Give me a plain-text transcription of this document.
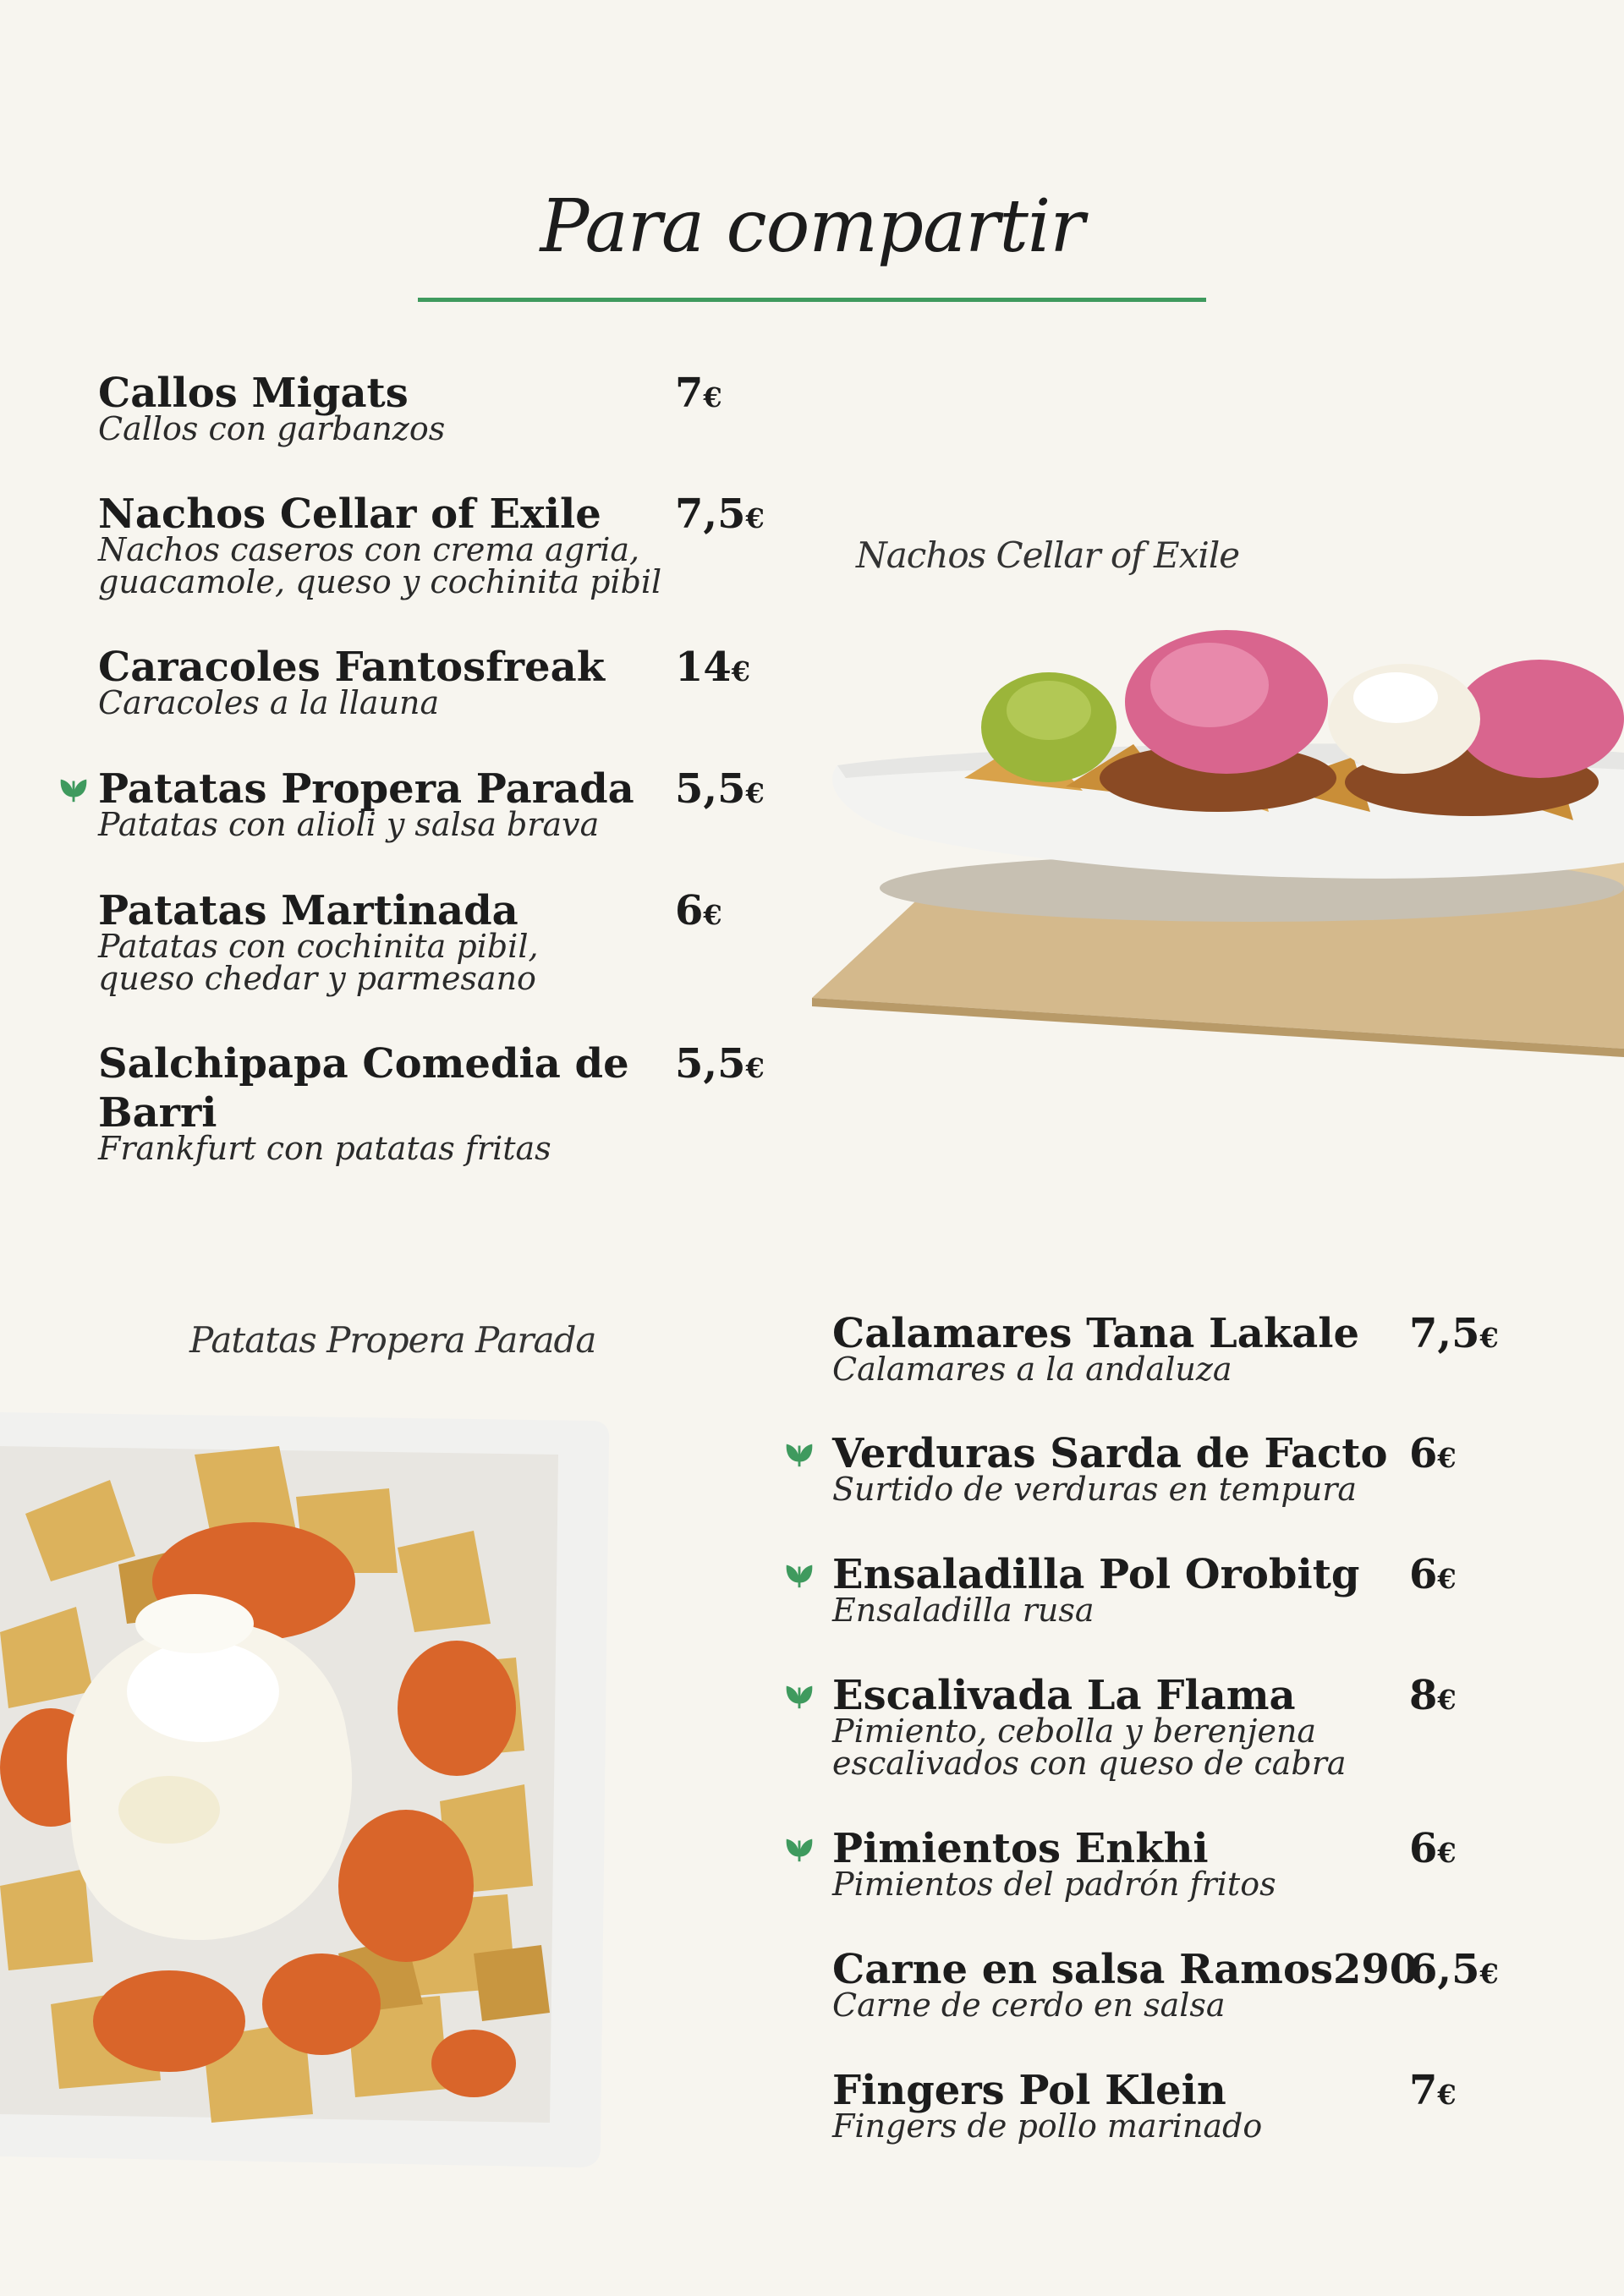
Para compartir
Callos Migats
Callos con garbanzos
7€
Nachos Cellar of Exile
Nachos caseros con crema agria,
guacamole, queso y cochinita pibil
7,5€
Caracoles Fantosfreak
Caracoles a la llauna
14€
Patatas Propera Parada
Patatas con alioli y salsa brava
5,5€
Patatas Martinada
Patatas con cochinita pibil,
queso chedar y parmesano
6€
Salchipapa Comedia de
Barri
Frankfurt con patatas fritas
5,5€
Nachos Cellar of Exile
Patatas Propera Parada	Calamares Tana Lakale
Calamares a la andaluza
7,5€
Verduras Sarda de Facto
Surtido de verduras en tempura
6€
Ensaladilla Pol Orobitg
Ensaladilla rusa
6€
Escalivada La Flama
Pimiento, cebolla y berenjena
escalivados con queso de cabra
8€
Pimientos Enkhi
Pimientos del padrón fritos
6€
Carne en salsa Ramos290
Carne de cerdo en salsa
6,5€
Fingers Pol Klein
Fingers de pollo marinado
7€
